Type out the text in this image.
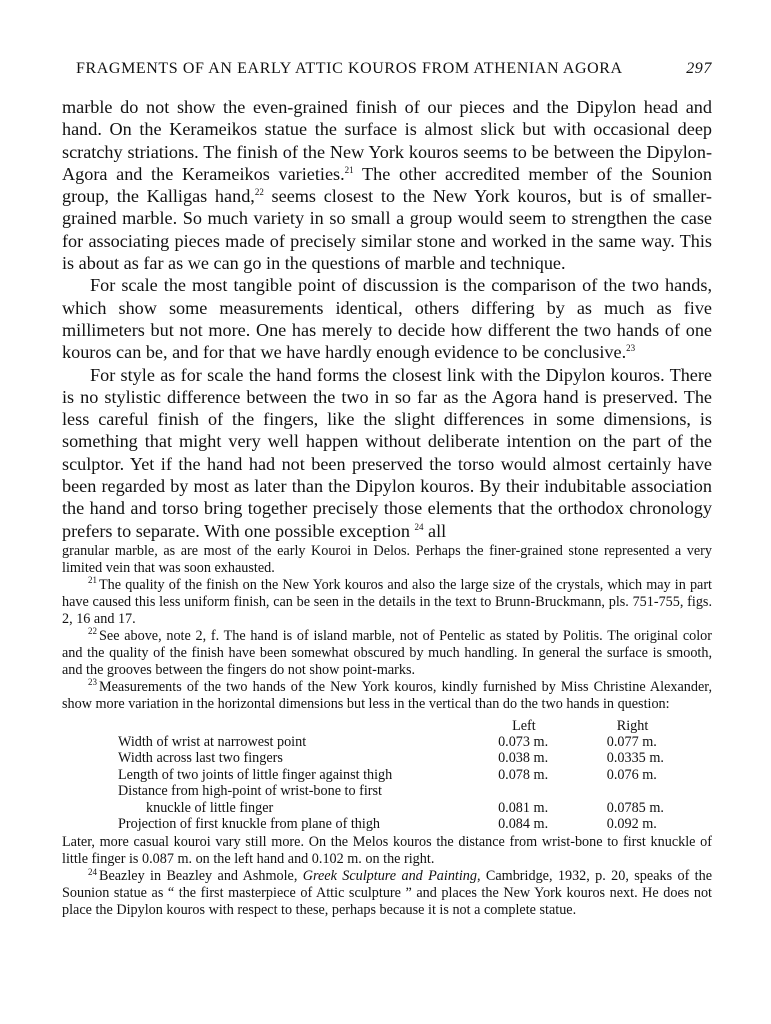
FRAGMENTS OF AN EARLY ATTIC KOUROS FROM ATHENIAN AGORA	297

marble do not show the even-grained finish of our pieces and the Dipylon head and hand. On the Kerameikos statue the surface is almost slick but with occasional deep scratchy striations. The finish of the New York kouros seems to be between the Dipylon-Agora and the Kerameikos varieties.$^{21}$ The other accredited member of the Sounion group, the Kalligas hand,$^{22}$ seems closest to the New York kouros, but is of smaller-grained marble. So much variety in so small a group would seem to strengthen the case for associating pieces made of precisely similar stone and worked in the same way. This is about as far as we can go in the questions of marble and technique.

For scale the most tangible point of discussion is the comparison of the two hands, which show some measurements identical, others differing by as much as five millimeters but not more. One has merely to decide how different the two hands of one kouros can be, and for that we have hardly enough evidence to be conclusive.$^{23}$

For style as for scale the hand forms the closest link with the Dipylon kouros. There is no stylistic difference between the two in so far as the Agora hand is preserved. The less careful finish of the fingers, like the slight differences in some dimensions, is something that might very well happen without deliberate intention on the part of the sculptor. Yet if the hand had not been preserved the torso would almost certainly have been regarded by most as later than the Dipylon kouros. By their indubitable association the hand and torso bring together precisely those elements that the orthodox chronology prefers to separate. With one possible exception $^{24}$ all

granular marble, as are most of the early Kouroi in Delos. Perhaps the finer-grained stone represented a very limited vein that was soon exhausted.

$^{21}$ The quality of the finish on the New York kouros and also the large size of the crystals, which may in part have caused this less uniform finish, can be seen in the details in the text to Brunn-Bruckmann, pls. 751-755, figs. 2, 16 and 17.

$^{22}$ See above, note 2, f. The hand is of island marble, not of Pentelic as stated by Politis. The original color and the quality of the finish have been somewhat obscured by much handling. In general the surface is smooth, and the grooves between the fingers do not show point-marks.

$^{23}$ Measurements of the two hands of the New York kouros, kindly furnished by Miss Christine Alexander, show more variation in the horizontal dimensions but less in the vertical than do the two hands in question:

	Left	Right
Width of wrist at narrowest point	0.073 m.	0.077 m.
Width across last two fingers	0.038 m.	0.0335 m.
Length of two joints of little finger against thigh	0.078 m.	0.076 m.
Distance from high-point of wrist-bone to first		
knuckle of little finger	0.081 m.	0.0785 m.
Projection of first knuckle from plane of thigh	0.084 m.	0.092 m.

Later, more casual kouroi vary still more. On the Melos kouros the distance from wrist-bone to first knuckle of little finger is 0.087 m. on the left hand and 0.102 m. on the right.

$^{24}$ Beazley in Beazley and Ashmole, Greek Sculpture and Painting, Cambridge, 1932, p. 20, speaks of the Sounion statue as “ the first masterpiece of Attic sculpture ” and places the New York kouros next. He does not place the Dipylon kouros with respect to these, perhaps because it is not a complete statue.
